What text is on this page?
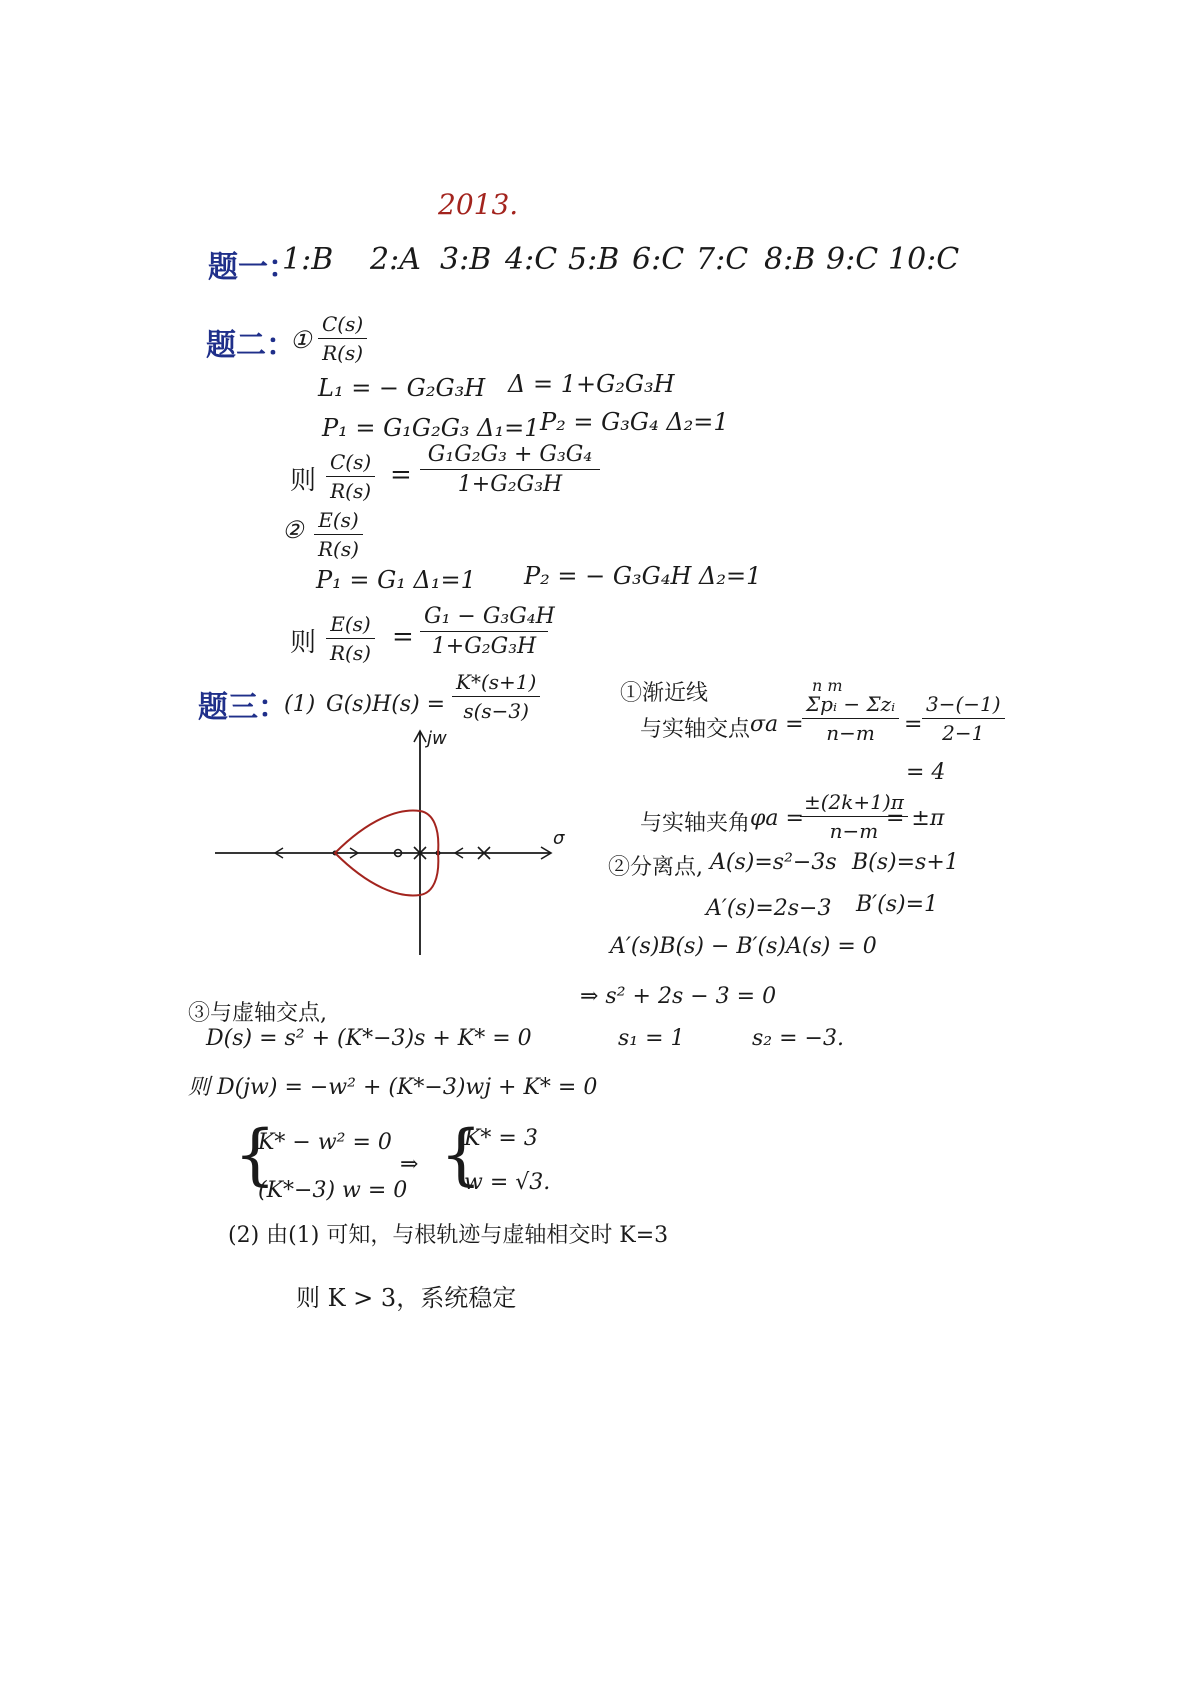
2013.
题一：
1:B 2:A 3:B 4:C 5:B 6:C 7:C 8:B 9:C 10:C
题二：
① $\frac{C(s)}{R(s)}$
L₁ = − G₂G₃H Δ = 1+G₂G₃H
P₁ = G₁G₂G₃ Δ₁=1 P₂ = G₃G₄ Δ₂=1
则 $\frac{C(s)}{R(s)} = \frac{\text{G₁G₂G₃ + G₃G₄}}{\text{1+G₂G₃H}}$
② $\frac{E(s)}{R(s)}$
P₁ = G₁ Δ₁=1 P₂ = − G₃G₄H Δ₂=1
则 $\frac{E(s)}{R(s)} = \frac{\text{G₁ − G₃G₄H}}{\text{1+G₂G₃H}}$
题三：
(1) $G(s)H(s) = \frac{K*(s+1)}{s(s-3)}$
σ
jw
①渐近线
与实轴交点 σa =
n m
Σpᵢ − Σzᵢ
n−m	= $\frac{3-(-1)}{2-1}$
= 4
与实轴夹角 φa =
$\frac{\pm(2k+1)\pi}{n-m}$
= ±π
②分离点, A(s)=s²−3s B(s)=s+1
A′(s)=2s−3 B′(s)=1
A′(s)B(s) − B′(s)A(s) = 0
⇒ s² + 2s − 3 = 0
s₁ = 1	s₂ = −3.
③与虚轴交点,
D(s) = s² + (K*−3)s + K* = 0
则 D(jw) = −w² + (K*−3)wj + K* = 0
{
K* − w² = 0
(K*−3) w = 0
⇒ {
K* = 3
w = √3.
(2) 由(1) 可知，与根轨迹与虚轴相交时 K=3
则 K > 3，系统稳定
